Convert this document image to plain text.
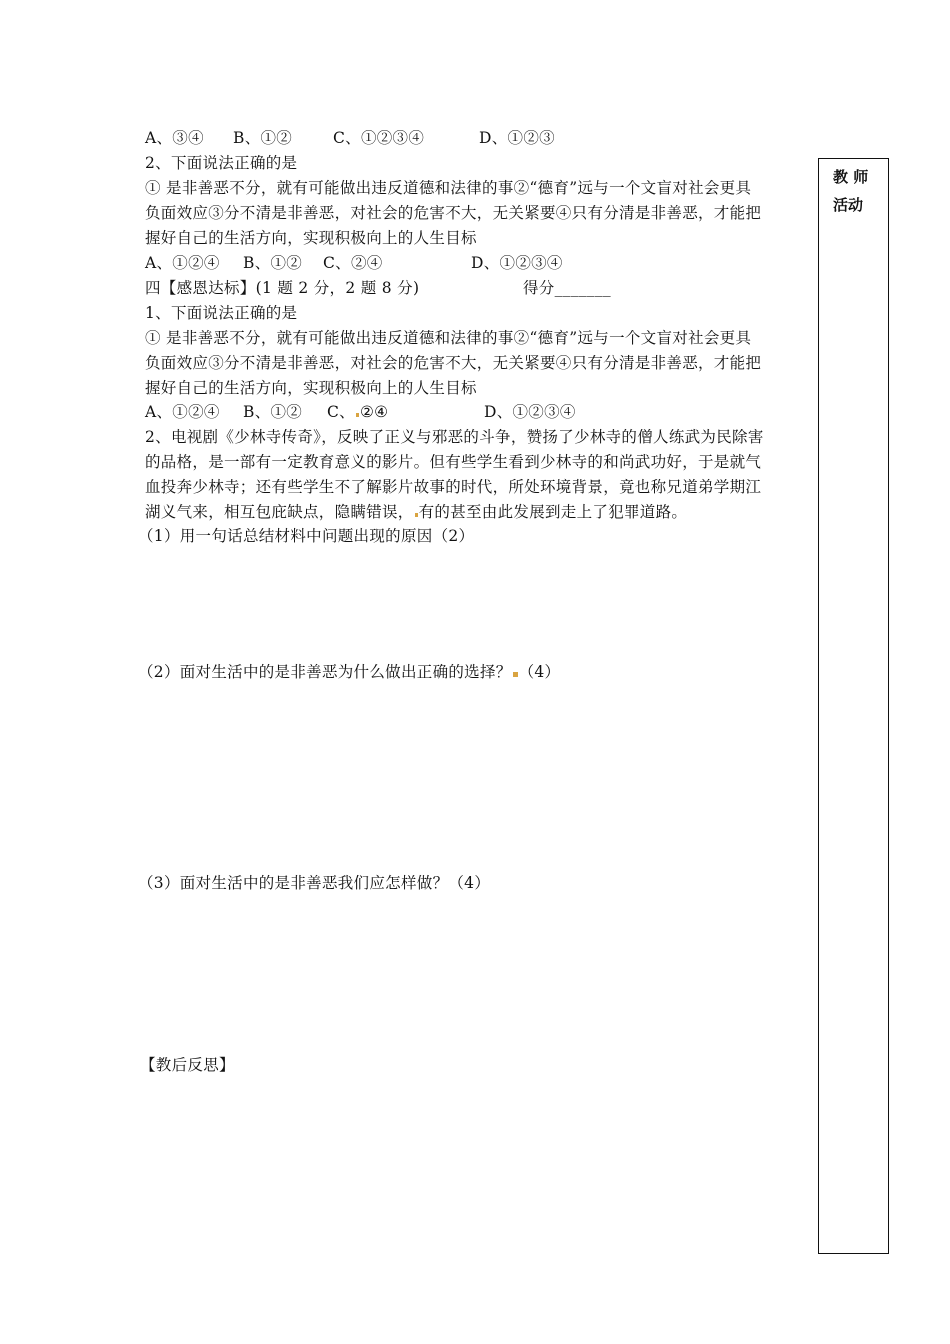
A、③④ B、①②	C、①②③④	D、①②③
2、下面说法正确的是
① 是非善恶不分，就有可能做出违反道德和法律的事②“德育”远与一个文盲对社会更具
负面效应③分不清是非善恶，对社会的危害不大，无关紧要④只有分清是非善恶，才能把
握好自己的生活方向，实现积极向上的人生目标
A、①②④ B、①② C、②④	D、①②③④
四【感恩达标】(1 题 2 分，2 题 8 分)	得分_______
1、下面说法正确的是
① 是非善恶不分，就有可能做出违反道德和法律的事②“德育”远与一个文盲对社会更具
负面效应③分不清是非善恶，对社会的危害不大，无关紧要④只有分清是非善恶，才能把
握好自己的生活方向，实现积极向上的人生目标
A、①②④ B、①② C、 ②④	D、①②③④
2、电视剧《少林寺传奇》，反映了正义与邪恶的斗争，赞扬了少林寺的僧人练武为民除害
的品格，是一部有一定教育意义的影片。但有些学生看到少林寺的和尚武功好，于是就气
血投奔少林寺；还有些学生不了解影片故事的时代，所处环境背景，竟也称兄道弟学期江
湖义气来，相互包庇缺点，隐瞒错误， 有的甚至由此发展到走上了犯罪道路。
（1）用一句话总结材料中问题出现的原因（2）
（2）面对生活中的是非善恶为什么做出正确的选择？ （4）
（3）面对生活中的是非善恶我们应怎样做？（4）
【教后反思】
教 师
活动
